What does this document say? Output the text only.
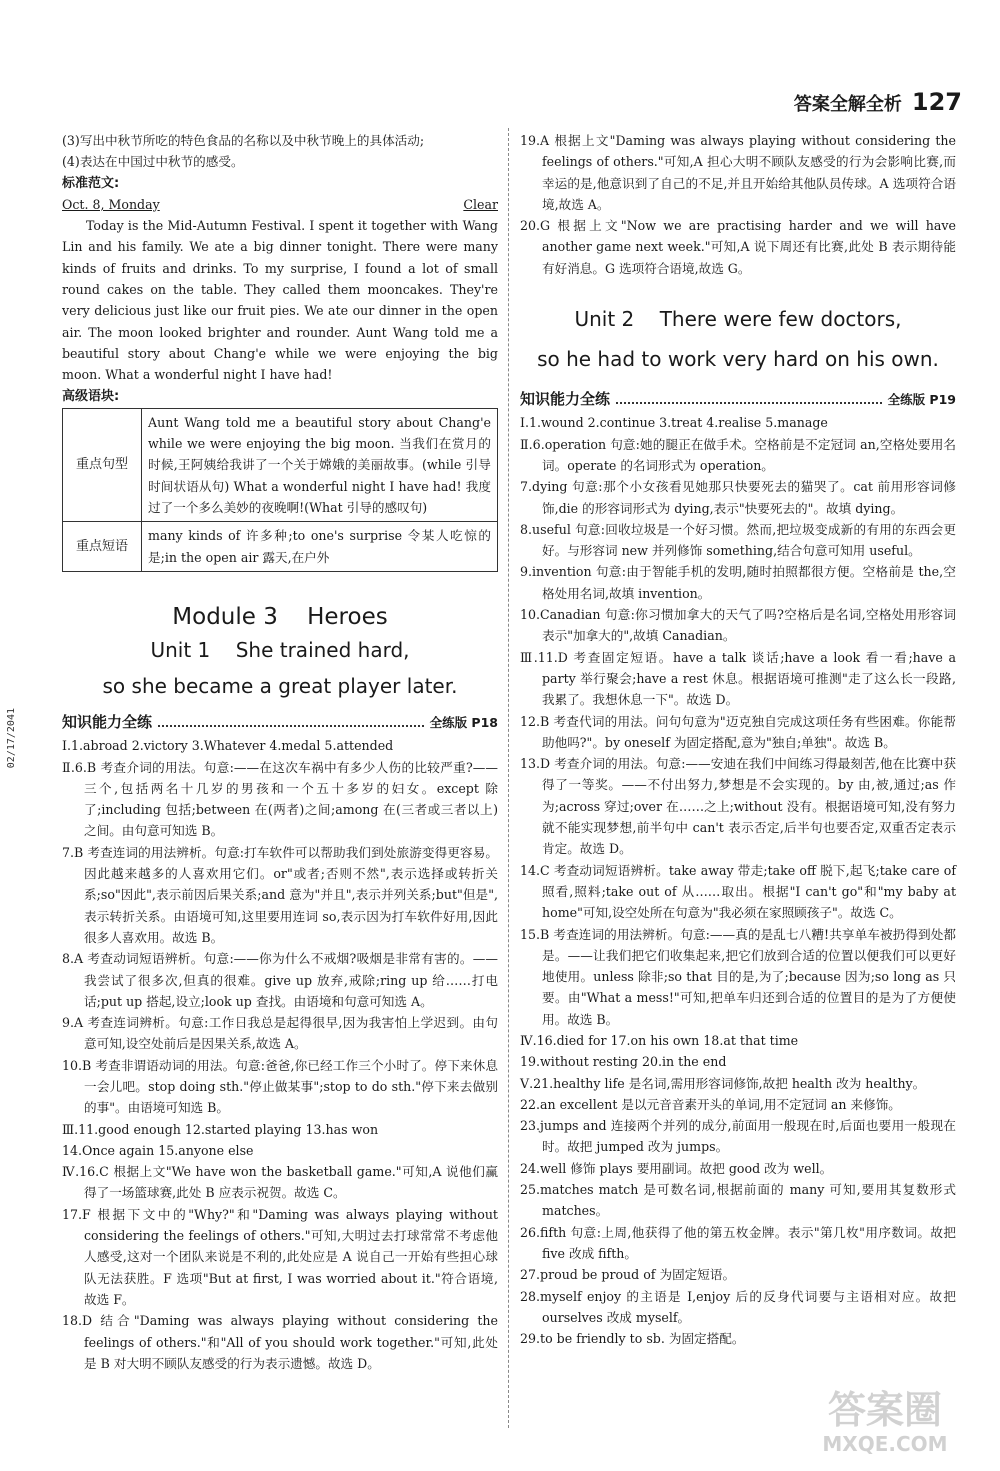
答案全解全析 127
02/17/2041

(3)写出中秋节所吃的特色食品的名称以及中秋节晚上的具体活动;

(4)表达在中国过中秋节的感受。

标准范文:

Oct. 8, Monday	Clear

Today is the Mid-Autumn Festival. I spent it together with Wang Lin and his family. We ate a big dinner tonight. There were many kinds of fruits and drinks. To my surprise, I found a lot of small round cakes on the table. They called them mooncakes. They're very delicious just like our fruit pies. We ate our dinner in the open air. The moon looked brighter and rounder. Aunt Wang told me a beautiful story about Chang'e while we were enjoying the big moon. What a wonderful night I have had!

高级语块:

重点句型	Aunt Wang told me a beautiful story about Chang'e while we were enjoying the big moon. 当我们在赏月的时候,王阿姨给我讲了一个关于嫦娥的美丽故事。(while 引导时间状语从句) What a wonderful night I have had! 我度过了一个多么美妙的夜晚啊!(What 引导的感叹句)
重点短语	many kinds of 许多种;to one's surprise 令某人吃惊的是;in the open air 露天,在户外
Module 3    Heroes
Unit 1    She trained hard,
so she became a great player later.
知识能力全练	全练版 P18

Ⅰ.1.abroad 2.victory 3.Whatever 4.medal 5.attended

Ⅱ.6.B 考查介词的用法。句意:——在这次车祸中有多少人伤的比较严重?——三个,包括两名十几岁的男孩和一个五十多岁的妇女。except 除了;including 包括;between 在(两者)之间;among 在(三者或三者以上)之间。由句意可知选 B。

7.B 考查连词的用法辨析。句意:打车软件可以帮助我们到处旅游变得更容易。因此越来越多的人喜欢用它们。or"或者;否则不然",表示选择或转折关系;so"因此",表示前因后果关系;and 意为"并且",表示并列关系;but"但是",表示转折关系。由语境可知,这里要用连词 so,表示因为打车软件好用,因此很多人喜欢用。故选 B。

8.A 考查动词短语辨析。句意:——你为什么不戒烟?吸烟是非常有害的。——我尝试了很多次,但真的很难。give up 放弃,戒除;ring up 给……打电话;put up 搭起,设立;look up 查找。由语境和句意可知选 A。

9.A 考查连词辨析。句意:工作日我总是起得很早,因为我害怕上学迟到。由句意可知,设空处前后是因果关系,故选 A。

10.B 考查非谓语动词的用法。句意:爸爸,你已经工作三个小时了。停下来休息一会儿吧。stop doing sth."停止做某事";stop to do sth."停下来去做别的事"。由语境可知选 B。

Ⅲ.11.good enough 12.started playing 13.has won

14.Once again 15.anyone else

Ⅳ.16.C 根据上文"We have won the basketball game."可知,A 说他们赢得了一场篮球赛,此处 B 应表示祝贺。故选 C。

17.F 根据下文中的"Why?"和"Daming was always playing without considering the feelings of others."可知,大明过去打球常常不考虑他人感受,这对一个团队来说是不利的,此处应是 A 说自己一开始有些担心球队无法获胜。F 选项"But at first, I was worried about it."符合语境,故选 F。

18.D 结合"Daming was always playing without considering the feelings of others."和"All of you should work together."可知,此处是 B 对大明不顾队友感受的行为表示遗憾。故选 D。

19.A 根据上文"Daming was always playing without considering the feelings of others."可知,A 担心大明不顾队友感受的行为会影响比赛,而幸运的是,他意识到了自己的不足,并且开始给其他队员传球。A 选项符合语境,故选 A。

20.G 根据上文"Now we are practising harder and we will have another game next week."可知,A 说下周还有比赛,此处 B 表示期待能有好消息。G 选项符合语境,故选 G。

Unit 2    There were few doctors,
so he had to work very hard on his own.
知识能力全练	全练版 P19

Ⅰ.1.wound 2.continue 3.treat 4.realise 5.manage

Ⅱ.6.operation 句意:她的腿正在做手术。空格前是不定冠词 an,空格处要用名词。operate 的名词形式为 operation。

7.dying 句意:那个小女孩看见她那只快要死去的猫哭了。cat 前用形容词修饰,die 的形容词形式为 dying,表示"快要死去的"。故填 dying。

8.useful 句意:回收垃圾是一个好习惯。然而,把垃圾变成新的有用的东西会更好。与形容词 new 并列修饰 something,结合句意可知用 useful。

9.invention 句意:由于智能手机的发明,随时拍照都很方便。空格前是 the,空格处用名词,故填 invention。

10.Canadian 句意:你习惯加拿大的天气了吗?空格后是名词,空格处用形容词表示"加拿大的",故填 Canadian。

Ⅲ.11.D 考查固定短语。have a talk 谈话;have a look 看一看;have a party 举行聚会;have a rest 休息。根据语境可推测"走了这么长一段路,我累了。我想休息一下"。故选 D。

12.B 考查代词的用法。问句句意为"迈克独自完成这项任务有些困难。你能帮助他吗?"。by oneself 为固定搭配,意为"独自;单独"。故选 B。

13.D 考查介词的用法。句意:——安迪在我们中间练习得最刻苦,他在比赛中获得了一等奖。——不付出努力,梦想是不会实现的。by 由,被,通过;as 作为;across 穿过;over 在……之上;without 没有。根据语境可知,没有努力就不能实现梦想,前半句中 can't 表示否定,后半句也要否定,双重否定表示肯定。故选 D。

14.C 考查动词短语辨析。take away 带走;take off 脱下,起飞;take care of 照看,照料;take out of 从……取出。根据"I can't go"和"my baby at home"可知,设空处所在句意为"我必须在家照顾孩子"。故选 C。

15.B 考查连词的用法辨析。句意:——真的是乱七八糟!共享单车被扔得到处都是。——让我们把它们收集起来,把它们放到合适的位置以便我们可以更好地使用。unless 除非;so that 目的是,为了;because 因为;so long as 只要。由"What a mess!"可知,把单车归还到合适的位置目的是为了方便使用。故选 B。

Ⅳ.16.died for 17.on his own 18.at that time

19.without resting 20.in the end

Ⅴ.21.healthy life 是名词,需用形容词修饰,故把 health 改为 healthy。

22.an excellent 是以元音音素开头的单词,用不定冠词 an 来修饰。

23.jumps and 连接两个并列的成分,前面用一般现在时,后面也要用一般现在时。故把 jumped 改为 jumps。

24.well 修饰 plays 要用副词。故把 good 改为 well。

25.matches match 是可数名词,根据前面的 many 可知,要用其复数形式 matches。

26.fifth 句意:上周,他获得了他的第五枚金牌。表示"第几枚"用序数词。故把 five 改成 fifth。

27.proud be proud of 为固定短语。

28.myself enjoy 的主语是 I,enjoy 后的反身代词要与主语相对应。故把 ourselves 改成 myself。

29.to be friendly to sb. 为固定搭配。

答案圈
MXQE.COM
